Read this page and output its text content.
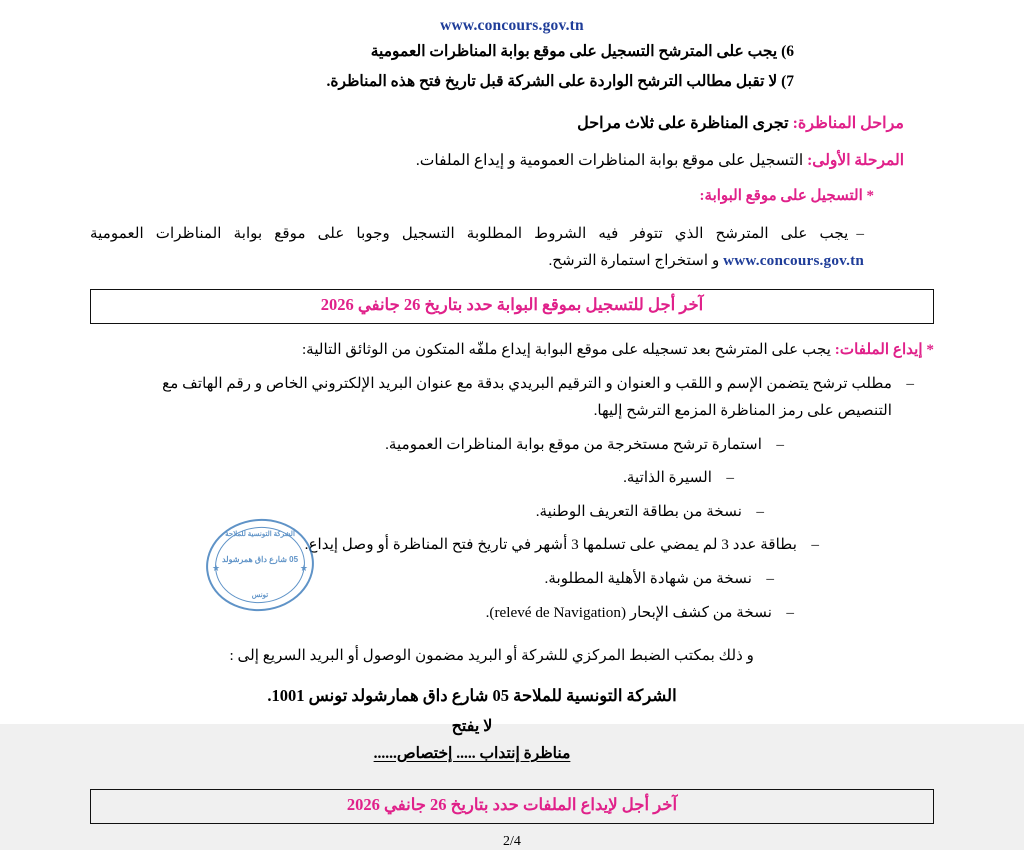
www.concours.gov.tn
6) يجب على المترشح التسجيل على موقع بوابة المناظرات العمومية
7) لا تقبل مطالب الترشح الواردة على الشركة قبل تاريخ فتح هذه المناظرة.
مراحل المناظرة: تجرى المناظرة على ثلاث مراحل
المرحلة الأولى: التسجيل على موقع بوابة المناظرات العمومية و إيداع الملفات.
* التسجيل على موقع البوابة:
–
يجب على المترشح الذي تتوفر فيه الشروط المطلوبة التسجيل وجوبا على موقع بوابة المناظرات العمومية www.concours.gov.tn و استخراج استمارة الترشح.
آخر أجل للتسجيل بموقع البوابة حدد بتاريخ 26 جانفي 2026
* إيداع الملفات: يجب على المترشح بعد تسجيله على موقع البوابة إيداع ملفّه المتكون من الوثائق التالية:
– مطلب ترشح يتضمن الإسم و اللقب و العنوان و الترقيم البريدي بدقة مع عنوان البريد الإلكتروني الخاص و رقم الهاتف مع التنصيص على رمز المناظرة المزمع الترشح إليها.
– استمارة ترشح مستخرجة من موقع بوابة المناظرات العمومية.
– السيرة الذاتية.
– نسخة من بطاقة التعريف الوطنية.
– بطاقة عدد 3 لم يمضي على تسلمها 3 أشهر في تاريخ فتح المناظرة أو وصل إيداع.
– نسخة من شهادة الأهلية المطلوبة.
– نسخة من كشف الإبحار (relevé de Navigation).
و ذلك بمكتب الضبط المركزي للشركة أو البريد مضمون الوصول أو البريد السريع إلى :
الشركة التونسية للملاحة 05 شارع داق همارشولد تونس 1001.
لا يفتح
مناظرة إنتداب ..... إختصاص......
آخر أجل لإيداع الملفات حدد بتاريخ 26 جانفي 2026
2/4
الشركة التونسية للملاحة
05 شارع داق همرشولد
تونس
★	★
